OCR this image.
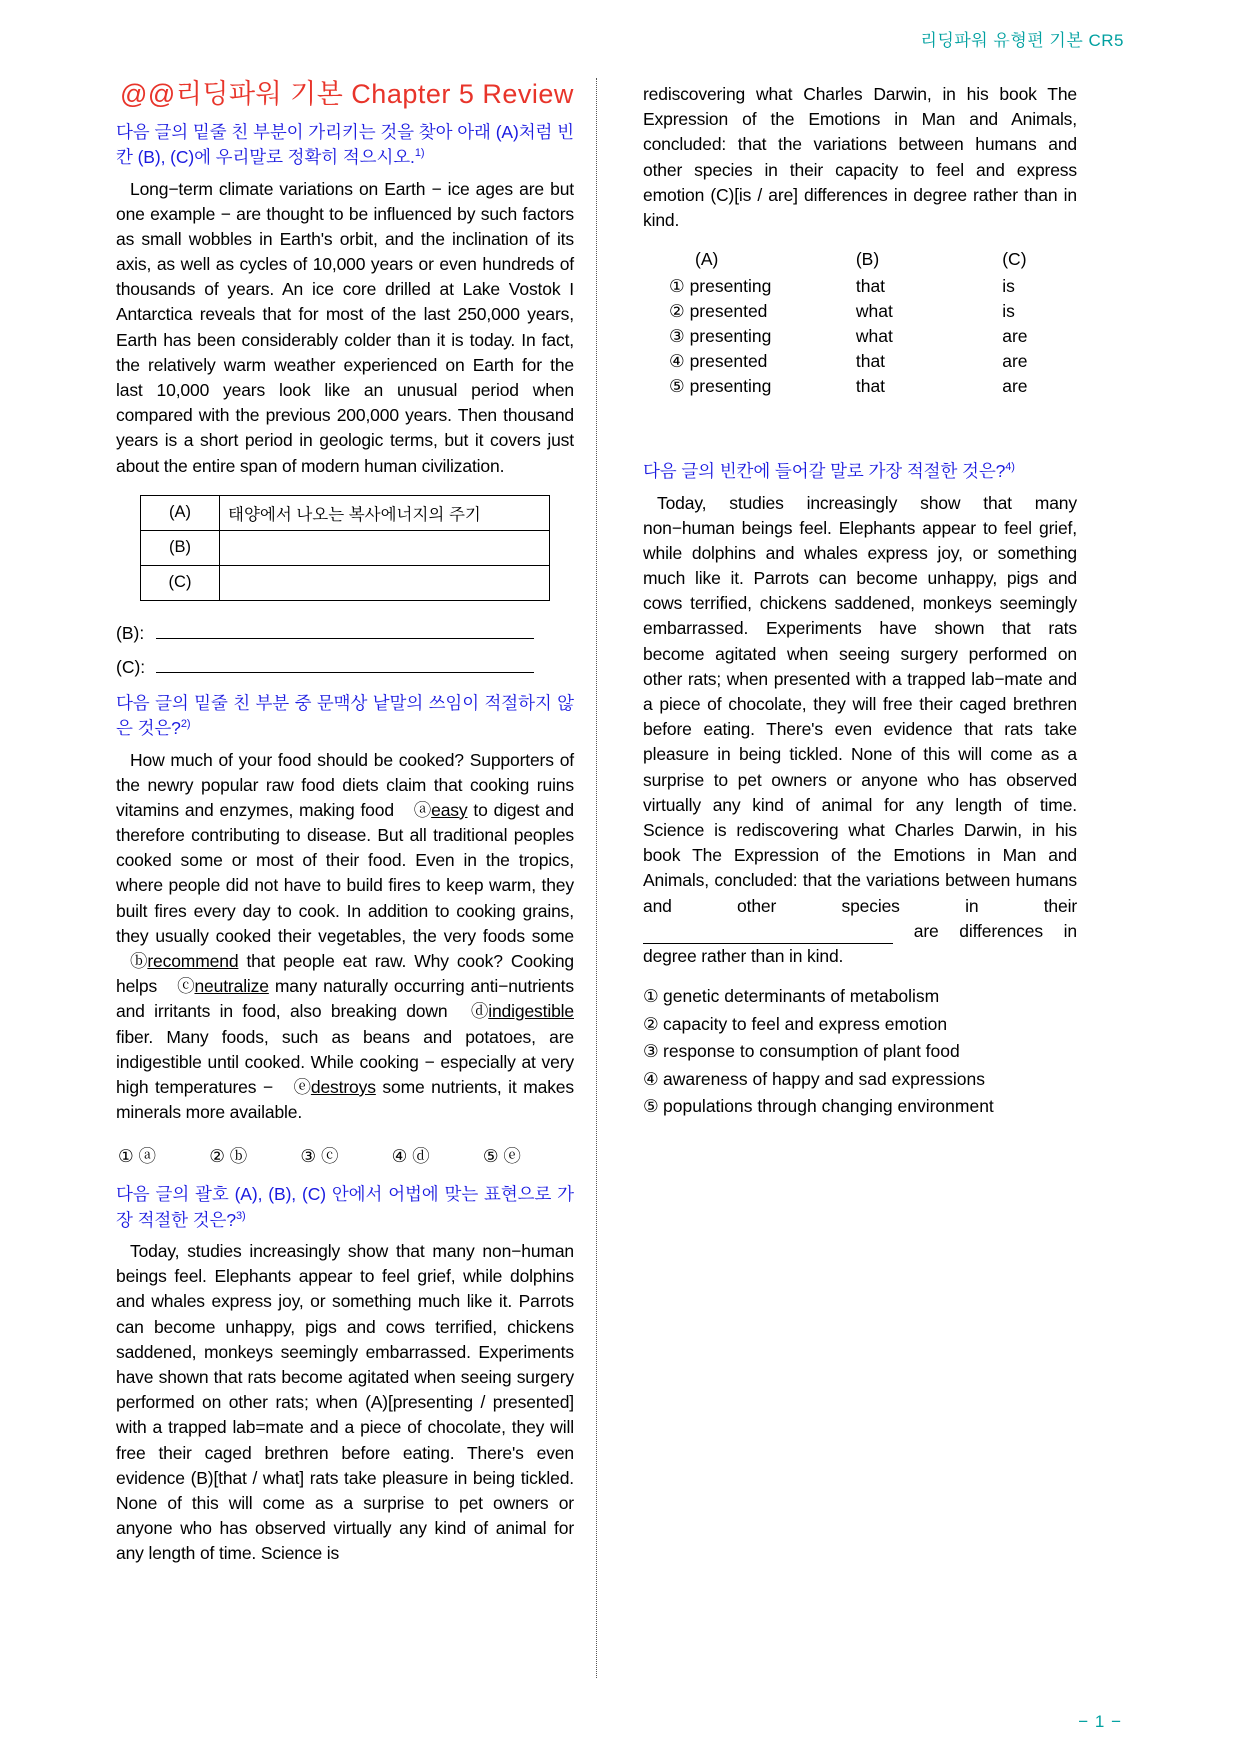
리딩파워 유형편 기본 CR5
@@리딩파워 기본 Chapter 5 Review
다음 글의 밑줄 친 부분이 가리키는 것을 찾아 아래 (A)처럼 빈칸 (B), (C)에 우리말로 정확히 적으시오.$^{1)}$
Long−term climate variations on Earth − ice ages are but one example − are thought to be influenced by such factors as small wobbles in Earth's orbit, and the inclination of its axis, as well as cycles of 10,000 years or even hundreds of thousands of years. An ice core drilled at Lake Vostok I Antarctica reveals that for most of the last 250,000 years, Earth has been considerably colder than it is today. In fact, the relatively warm weather experienced on Earth for the last 10,000 years look like an unusual period when compared with the previous 200,000 years. Then thousand years is a short period in geologic terms, but it covers just about the entire span of modern human civilization.
(A)	태양에서 나오는 복사에너지의 주기
(B)	
(C)	
(B):
(C):
다음 글의 밑줄 친 부분 중 문맥상 낱말의 쓰임이 적절하지 않은 것은?$^{2)}$
How much of your food should be cooked? Supporters of the newry popular raw food diets claim that cooking ruins vitamins and enzymes, making food ⓐeasy to digest and therefore contributing to disease. But all traditional peoples cooked some or most of their food. Even in the tropics, where people did not have to build fires to keep warm, they built fires every day to cook. In addition to cooking grains, they usually cooked their vegetables, the very foods some ⓑrecommend that people eat raw. Why cook? Cooking helps ⓒneutralize many naturally occurring anti−nutrients and irritants in food, also breaking down ⓓindigestible fiber. Many foods, such as beans and potatoes, are indigestible until cooked. While cooking − especially at very high temperatures − ⓔdestroys some nutrients, it makes minerals more available.
① ⓐ	② ⓑ	③ ⓒ	④ ⓓ	⑤ ⓔ
다음 글의 괄호 (A), (B), (C) 안에서 어법에 맞는 표현으로 가장 적절한 것은?$^{3)}$
Today, studies increasingly show that many non−human beings feel. Elephants appear to feel grief, while dolphins and whales express joy, or something much like it. Parrots can become unhappy, pigs and cows terrified, chickens saddened, monkeys seemingly embarrassed. Experiments have shown that rats become agitated when seeing surgery performed on other rats; when (A)[presenting / presented] with a trapped lab=mate and a piece of chocolate, they will free their caged brethren before eating. There's even evidence (B)[that / what] rats take pleasure in being tickled. None of this will come as a surprise to pet owners or anyone who has observed virtually any kind of animal for any length of time. Science is
rediscovering what Charles Darwin, in his book The Expression of the Emotions in Man and Animals, concluded: that the variations between humans and other species in their capacity to feel and express emotion (C)[is / are] differences in degree rather than in kind.
(A)	(B)	(C)
① presenting	that	is
② presented	what	is
③ presenting	what	are
④ presented	that	are
⑤ presenting	that	are
다음 글의 빈칸에 들어갈 말로 가장 적절한 것은?$^{4)}$
Today, studies increasingly show that many non−human beings feel. Elephants appear to feel grief, while dolphins and whales express joy, or something much like it. Parrots can become unhappy, pigs and cows terrified, chickens saddened, monkeys seemingly embarrassed. Experiments have shown that rats become agitated when seeing surgery performed on other rats; when presented with a trapped lab−mate and a piece of chocolate, they will free their caged brethren before eating. There's even evidence that rats take pleasure in being tickled. None of this will come as a surprise to pet owners or anyone who has observed virtually any kind of animal for any length of time. Science is rediscovering what Charles Darwin, in his book The Expression of the Emotions in Man and Animals, concluded: that the variations between humans and other species in their  are differences in degree rather than in kind.
① genetic determinants of metabolism
② capacity to feel and express emotion
③ response to consumption of plant food
④ awareness of happy and sad expressions
⑤ populations through changing environment
− 1 −
